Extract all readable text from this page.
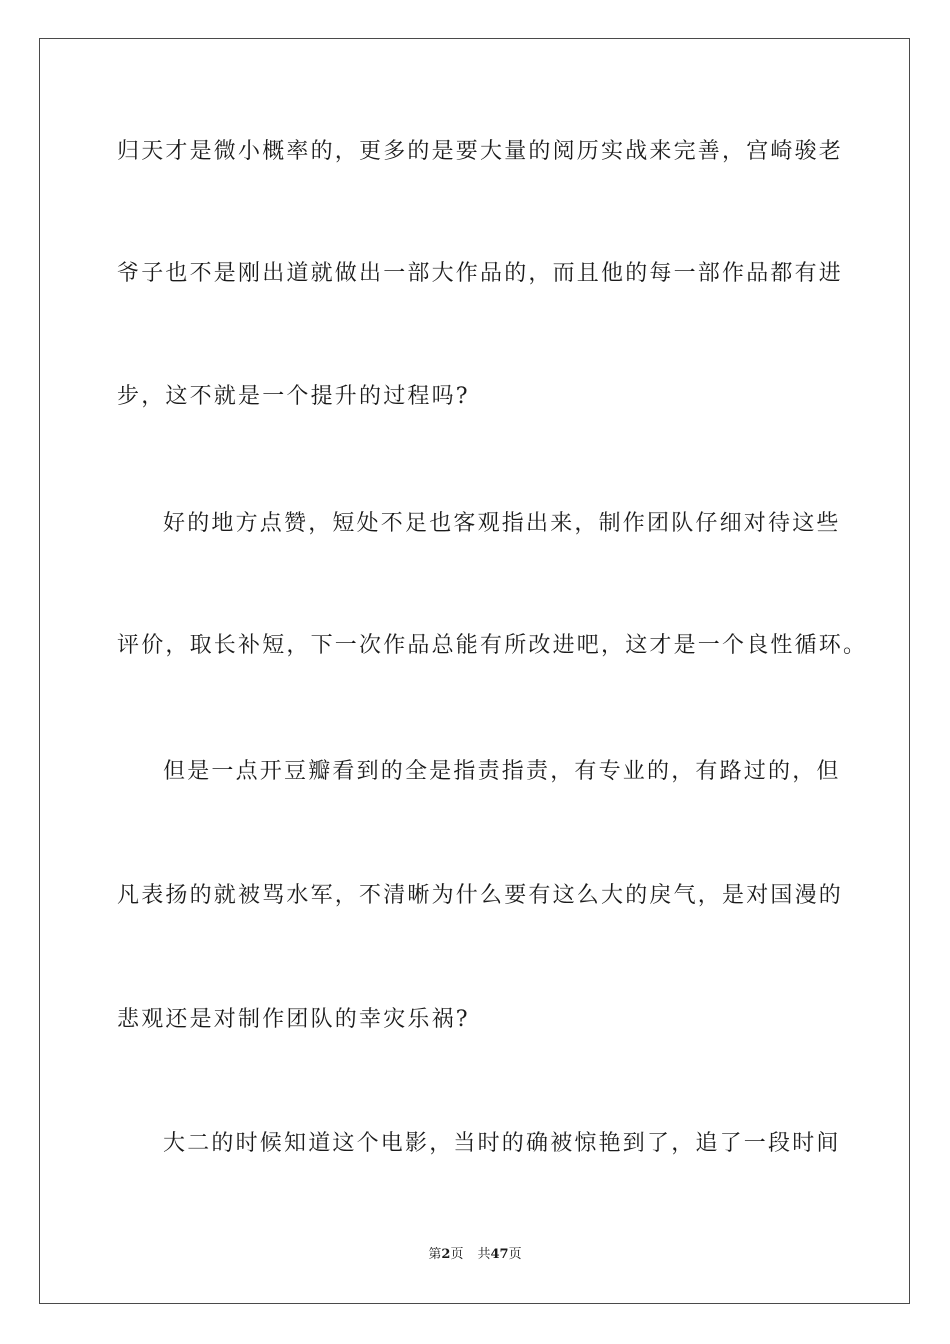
归天才是微小概率的，更多的是要大量的阅历实战来完善，宫崎骏老
爷子也不是刚出道就做出一部大作品的，而且他的每一部作品都有进
步，这不就是一个提升的过程吗?
好的地方点赞，短处不足也客观指出来，制作团队仔细对待这些
评价，取长补短，下一次作品总能有所改进吧，这才是一个良性循环。
但是一点开豆瓣看到的全是指责指责，有专业的，有路过的，但
凡表扬的就被骂水军，不清晰为什么要有这么大的戾气，是对国漫的
悲观还是对制作团队的幸灾乐祸?
大二的时候知道这个电影，当时的确被惊艳到了，追了一段时间
第2页 共47页
